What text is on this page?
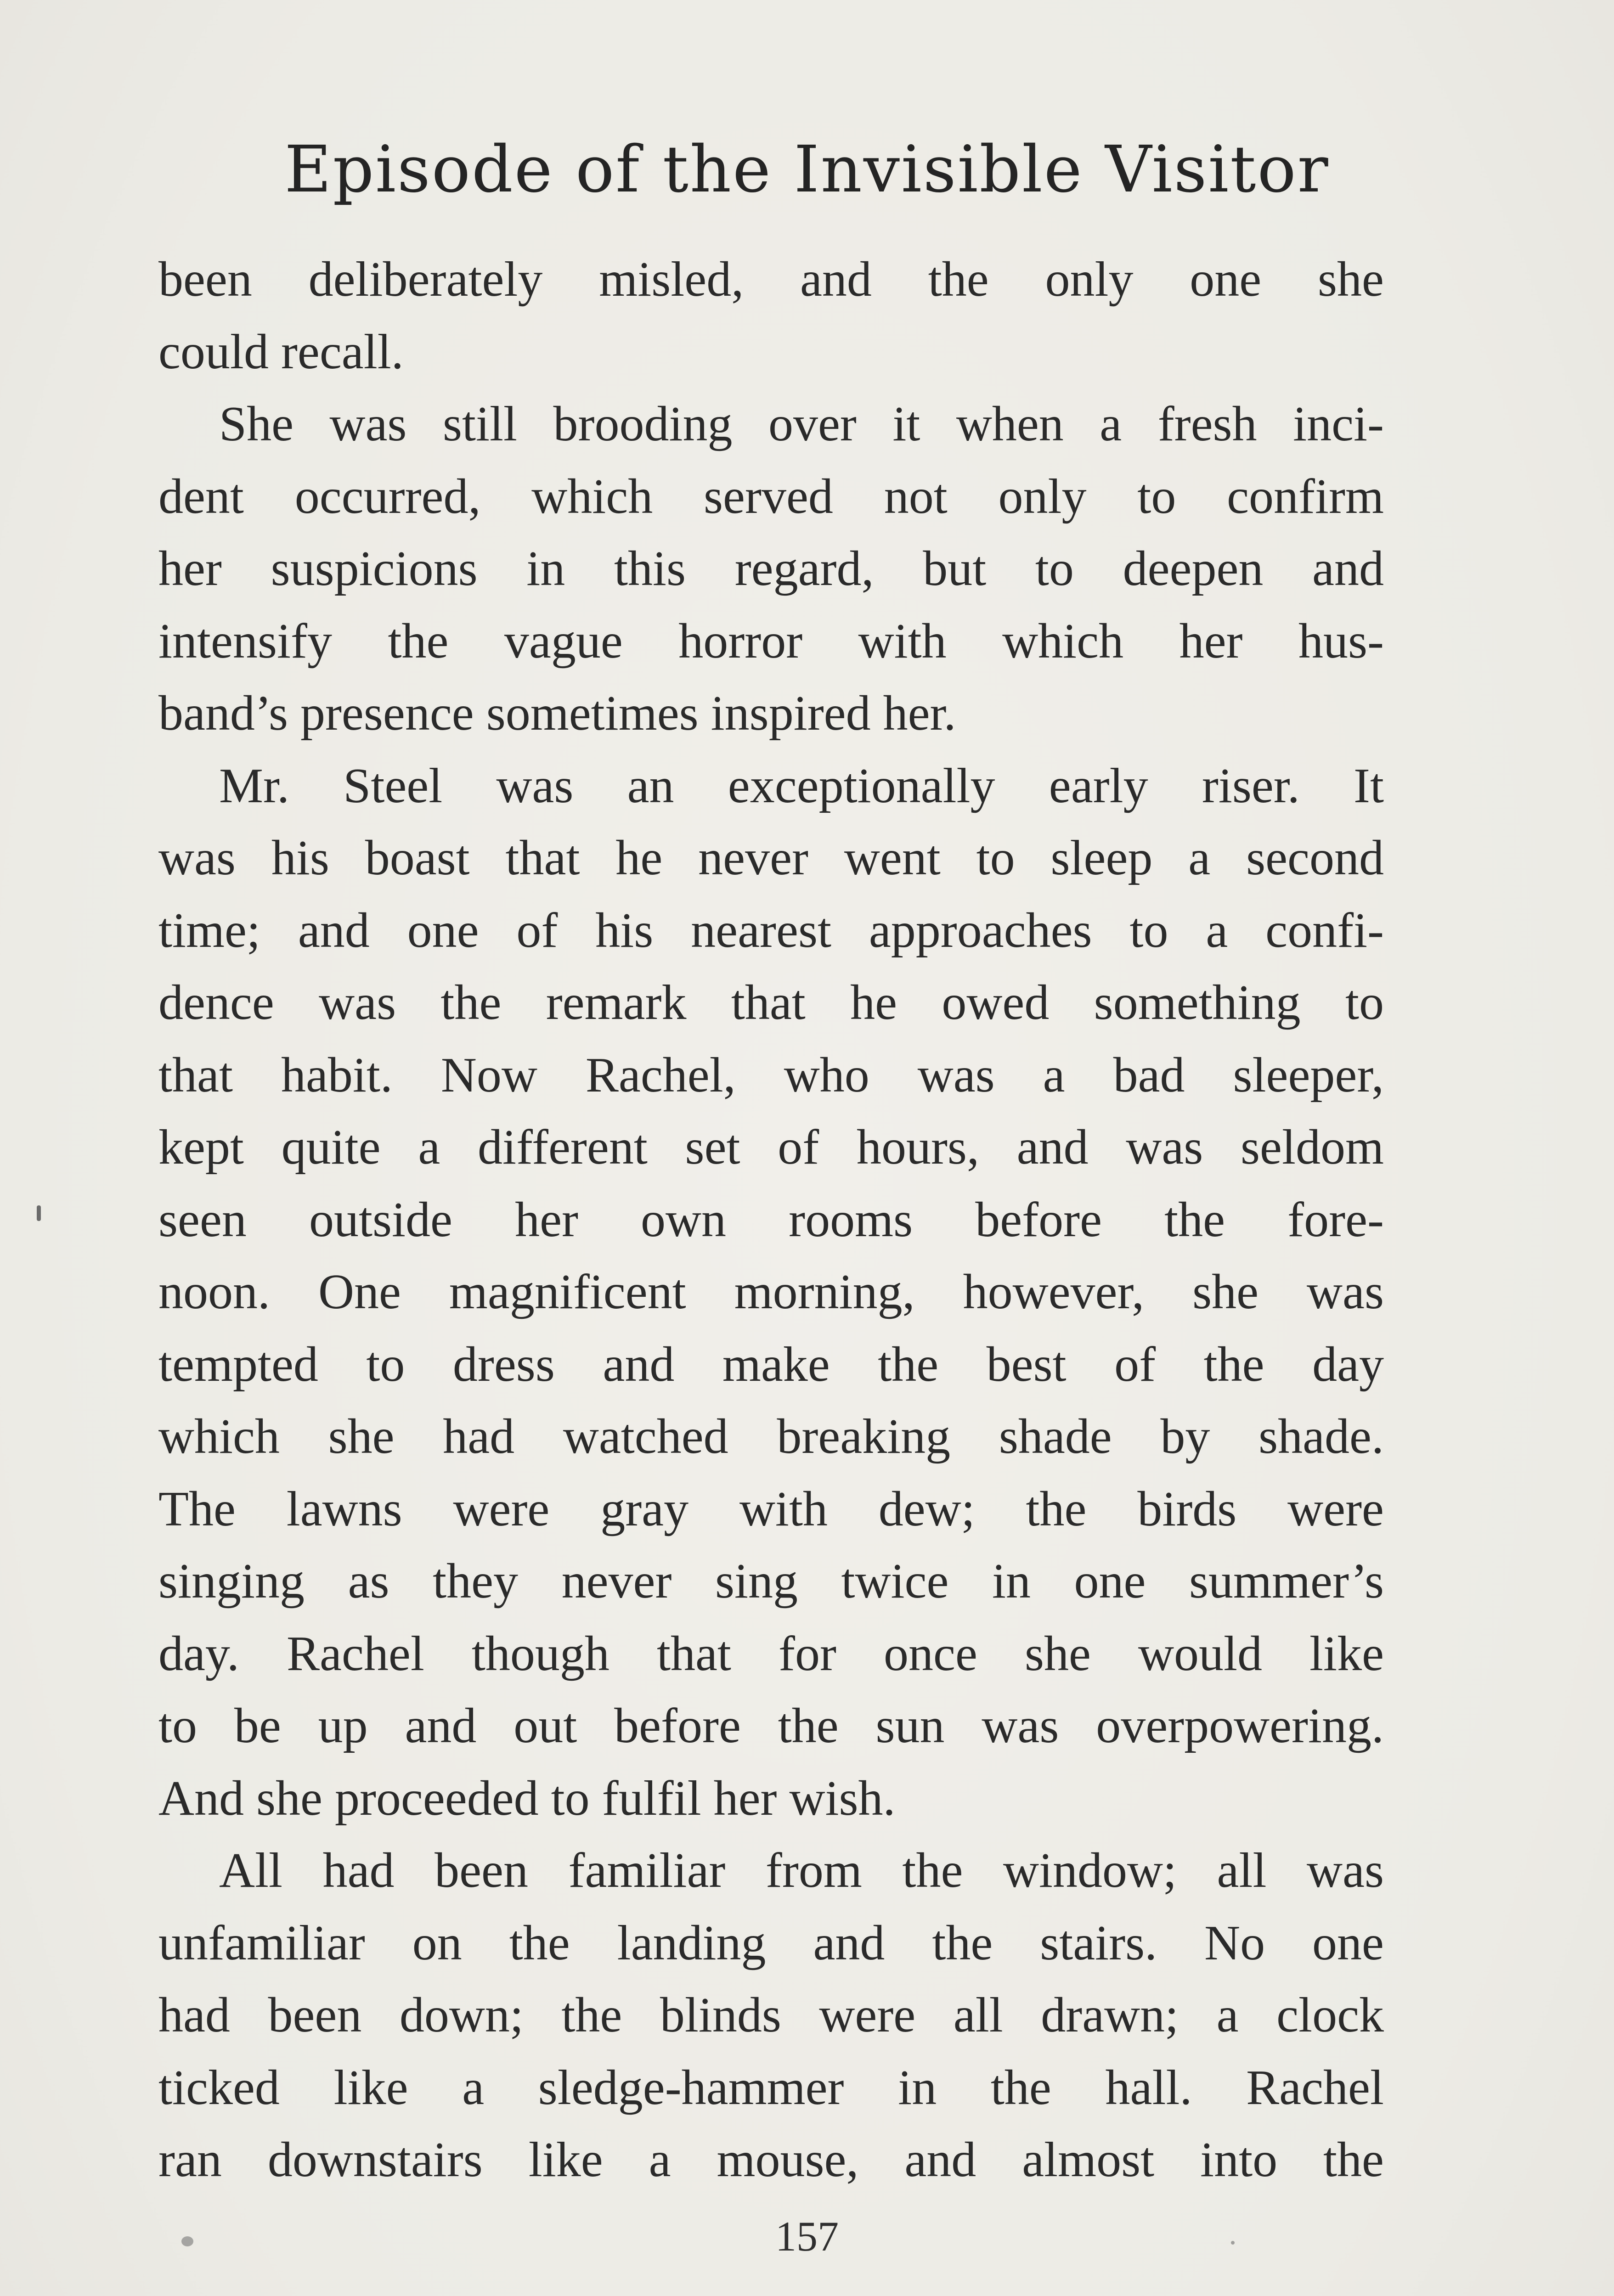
Episode of the Invisible Visitor
been deliberately misled, and the only one she
could recall.
She was still brooding over it when a fresh inci-
dent occurred, which served not only to confirm
her suspicions in this regard, but to deepen and
intensify the vague horror with which her hus-
band’s presence sometimes inspired her.
Mr. Steel was an exceptionally early riser. It
was his boast that he never went to sleep a second
time; and one of his nearest approaches to a confi-
dence was the remark that he owed something to
that habit. Now Rachel, who was a bad sleeper,
kept quite a different set of hours, and was seldom
seen outside her own rooms before the fore-
noon. One magnificent morning, however, she was
tempted to dress and make the best of the day
which she had watched breaking shade by shade.
The lawns were gray with dew; the birds were
singing as they never sing twice in one summer’s
day. Rachel though that for once she would like
to be up and out before the sun was overpowering.
And she proceeded to fulfil her wish.
All had been familiar from the window; all was
unfamiliar on the landing and the stairs. No one
had been down; the blinds were all drawn; a clock
ticked like a sledge-hammer in the hall. Rachel
ran downstairs like a mouse, and almost into the
157
